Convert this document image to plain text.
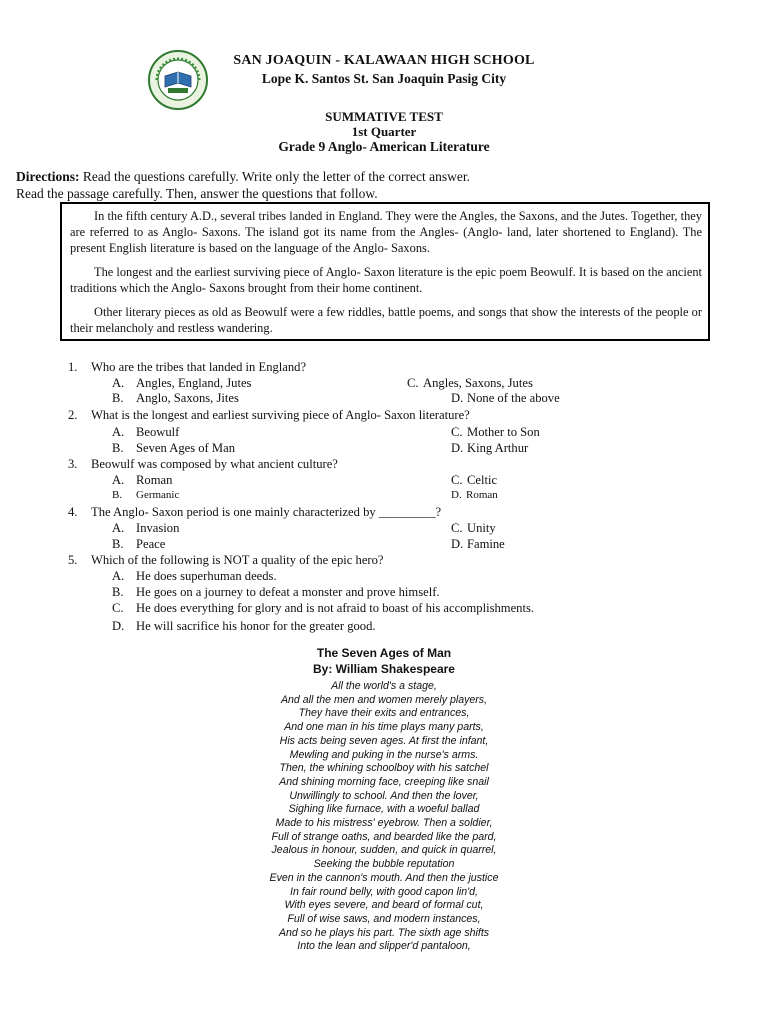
SAN JOAQUIN - KALAWAAN HIGH SCHOOL
Lope K. Santos St. San Joaquin Pasig City
SUMMATIVE TEST
1st Quarter
Grade 9 Anglo- American Literature
Directions: Read the questions carefully. Write only the letter of the correct answer.
Read the passage carefully. Then, answer the questions that follow.

In the fifth century A.D., several tribes landed in England. They were the Angles, the Saxons, and the Jutes. Together, they are referred to as Anglo- Saxons. The island got its name from the Angles- (Anglo- land, later shortened to England). The present English literature is based on the language of the Anglo- Saxons.

The longest and the earliest surviving piece of Anglo- Saxon literature is the epic poem Beowulf. It is based on the ancient traditions which the Anglo- Saxons brought from their home continent.

Other literary pieces as old as Beowulf were a few riddles, battle poems, and songs that show the interests of the people or their melancholy and restless wandering.

1. Who are the tribes that landed in England?
A. Angles, England, Jutes	C. Angles, Saxons, Jutes
B. Anglo, Saxons, Jites	D. None of the above
2. What is the longest and earliest surviving piece of Anglo- Saxon literature?
A. Beowulf	C. Mother to Son
B. Seven Ages of Man	D. King Arthur
3. Beowulf was composed by what ancient culture?
A. Roman	C. Celtic
B. Germanic	D. Roman
4. The Anglo- Saxon period is one mainly characterized by _________?
A. Invasion	C. Unity
B. Peace	D. Famine
5. Which of the following is NOT a quality of the epic hero?
A. He does superhuman deeds.
B. He goes on a journey to defeat a monster and prove himself.
C. He does everything for glory and is not afraid to boast of his accomplishments.
D. He will sacrifice his honor for the greater good.
The Seven Ages of Man
By: William Shakespeare
All the world's a stage,
And all the men and women merely players,
They have their exits and entrances,
And one man in his time plays many parts,
His acts being seven ages. At first the infant,
Mewling and puking in the nurse's arms.
Then, the whining schoolboy with his satchel
And shining morning face, creeping like snail
Unwillingly to school. And then the lover,
Sighing like furnace, with a woeful ballad
Made to his mistress' eyebrow. Then a soldier,
Full of strange oaths, and bearded like the pard,
Jealous in honour, sudden, and quick in quarrel,
Seeking the bubble reputation
Even in the cannon's mouth. And then the justice
In fair round belly, with good capon lin'd,
With eyes severe, and beard of formal cut,
Full of wise saws, and modern instances,
And so he plays his part. The sixth age shifts
Into the lean and slipper'd pantaloon,
